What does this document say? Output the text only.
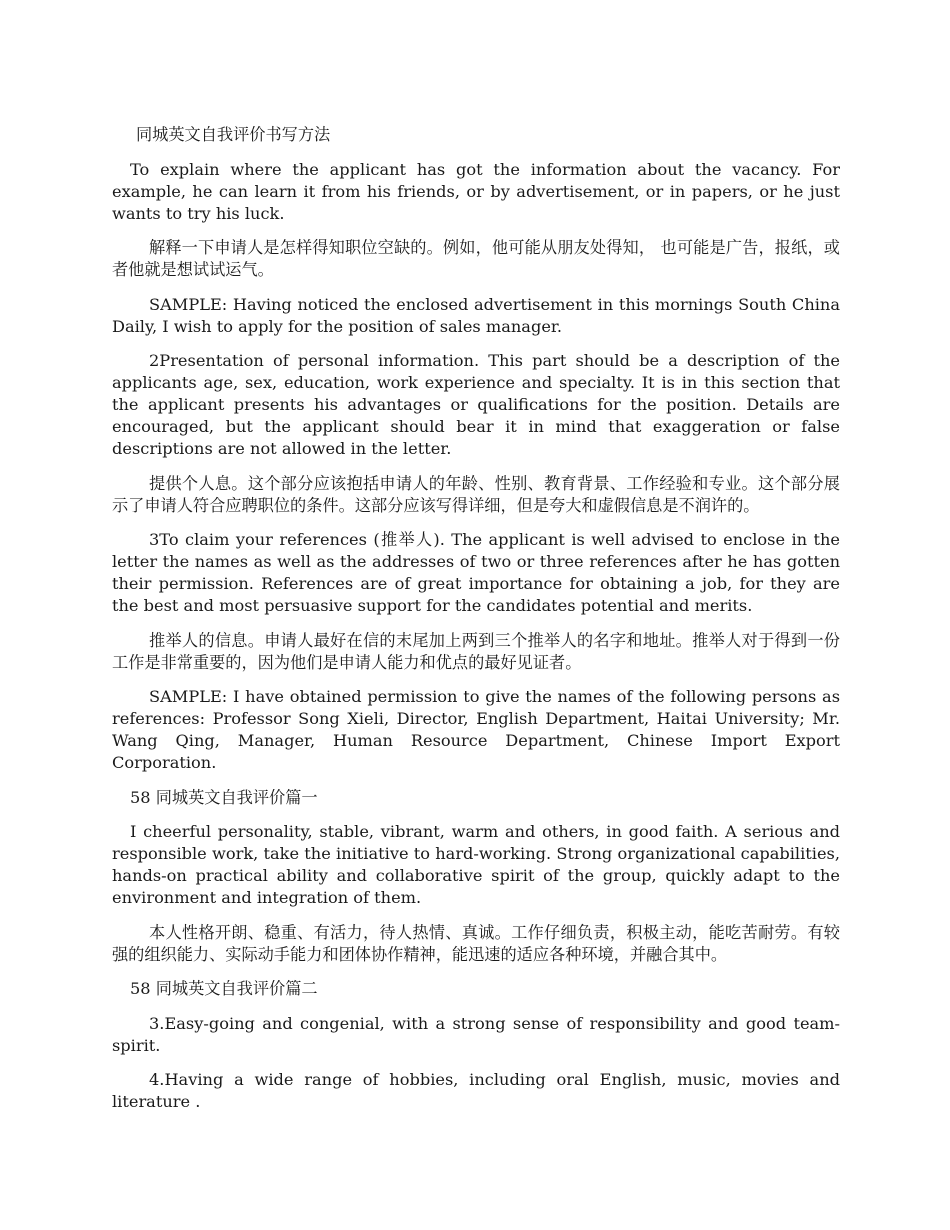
同城英文自我评价书写方法

To explain where the applicant has got the information about the vacancy. For example, he can learn it from his friends, or by advertisement, or in papers, or he just wants to try his luck.

解释一下申请人是怎样得知职位空缺的。例如，他可能从朋友处得知， 也可能是广告，报纸，或者他就是想试试运气。

SAMPLE: Having noticed the enclosed advertisement in this mornings South China Daily, I wish to apply for the position of sales manager.

2Presentation of personal information. This part should be a description of the applicants age, sex, education, work experience and specialty. It is in this section that the applicant presents his advantages or qualifications for the position. Details are encouraged, but the applicant should bear it in mind that exaggeration or false descriptions are not allowed in the letter.

提供个人息。这个部分应该抱括申请人的年龄、性别、教育背景、工作经验和专业。这个部分展示了申请人符合应聘职位的条件。这部分应该写得详细，但是夸大和虚假信息是不润许的。

3To claim your references (推举人). The applicant is well advised to enclose in the letter the names as well as the addresses of two or three references after he has gotten their permission. References are of great importance for obtaining a job, for they are the best and most persuasive support for the candidates potential and merits.

推举人的信息。申请人最好在信的末尾加上两到三个推举人的名字和地址。推举人对于得到一份工作是非常重要的，因为他们是申请人能力和优点的最好见证者。

SAMPLE: I have obtained permission to give the names of the following persons as references: Professor Song Xieli, Director, English Department, Haitai University; Mr. Wang Qing, Manager, Human Resource Department, Chinese Import Export Corporation.

58 同城英文自我评价篇一

I cheerful personality, stable, vibrant, warm and others, in good faith. A serious and responsible work, take the initiative to hard-working. Strong organizational capabilities, hands-on practical ability and collaborative spirit of the group, quickly adapt to the environment and integration of them.

本人性格开朗、稳重、有活力，待人热情、真诚。工作仔细负责，积极主动，能吃苦耐劳。有较强的组织能力、实际动手能力和团体协作精神，能迅速的适应各种环境，并融合其中。

58 同城英文自我评价篇二

3.Easy-going and congenial, with a strong sense of responsibility and good team-spirit.

4.Having a wide range of hobbies, including oral English, music, movies and literature .
